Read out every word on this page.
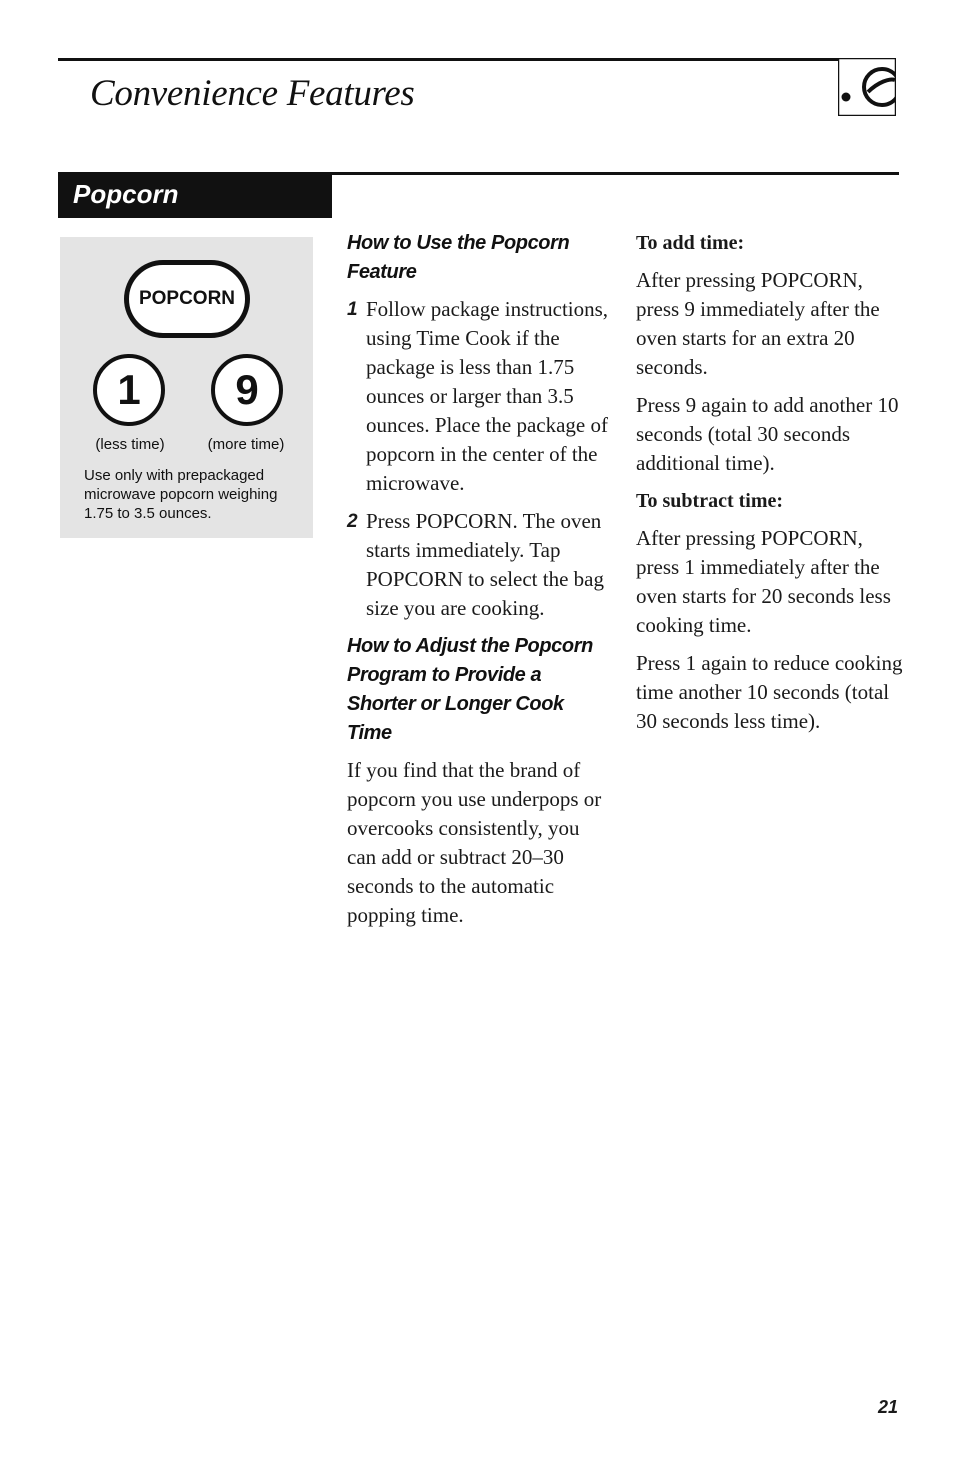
Convenience Features
Popcorn
POPCORN
1	9
(less time)	(more time)
Use only with prepackaged microwave popcorn weighing 1.75 to 3.5 ounces.

How to Use the Popcorn Feature

1 Follow package instructions, using Time Cook if the package is less than 1.75 ounces or larger than 3.5 ounces. Place the package of popcorn in the center of the microwave.
2 Press POPCORN. The oven starts immediately. Tap POPCORN to select the bag size you are cooking.

How to Adjust the Popcorn Program to Provide a Shorter or Longer Cook Time

If you find that the brand of popcorn you use underpops or overcooks consistently, you can add or subtract 20–30 seconds to the automatic popping time.

To add time:

After pressing POPCORN, press 9 immediately after the oven starts for an extra 20 seconds.

Press 9 again to add another 10 seconds (total 30 seconds additional time).

To subtract time:

After pressing POPCORN, press 1 immediately after the oven starts for 20 seconds less cooking time.

Press 1 again to reduce cooking time another 10 seconds (total 30 seconds less time).

21
